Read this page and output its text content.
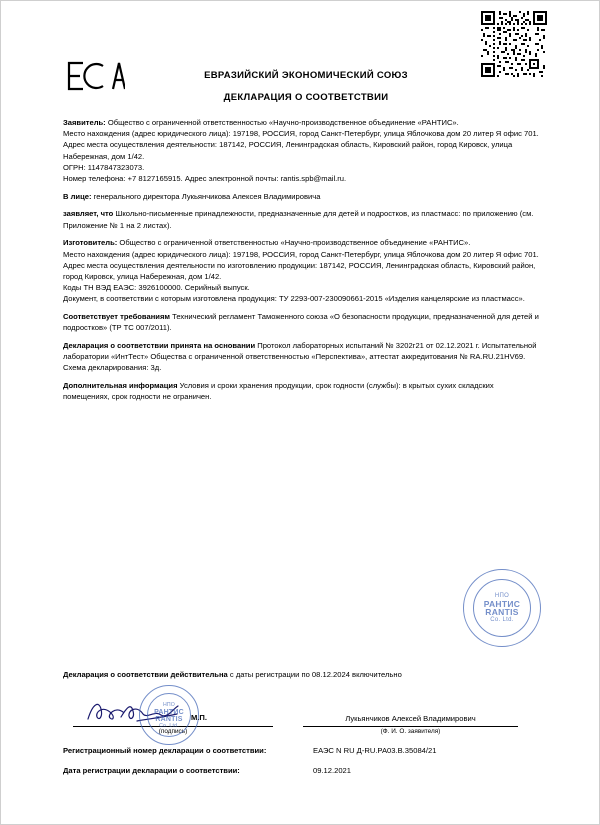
ЕВРАЗИЙСКИЙ ЭКОНОМИЧЕСКИЙ СОЮЗ
ДЕКЛАРАЦИЯ О СООТВЕТСТВИИ
Заявитель: Общество с ограниченной ответственностью «Научно-производственное объединение «РАНТИС».
Место нахождения (адрес юридического лица): 197198, РОССИЯ, город Санкт-Петербург, улица Яблочкова дом 20 литер Я офис 701.
Адрес места осуществления деятельности: 187142, РОССИЯ, Ленинградская область, Кировский район, город Кировск, улица Набережная, дом 1/42.
ОГРН: 1147847323073.
Номер телефона: +7 8127165915. Адрес электронной почты: rantis.spb@mail.ru.
В лице: генерального директора Лукьянчикова Алексея Владимировича
заявляет, что Школьно-письменные принадлежности, предназначенные для детей и подростков, из пластмасс: по приложению (см. Приложение № 1 на 2 листах).
Изготовитель: Общество с ограниченной ответственностью «Научно-производственное объединение «РАНТИС».
Место нахождения (адрес юридического лица): 197198, РОССИЯ, город Санкт-Петербург, улица Яблочкова дом 20 литер Я офис 701.
Адрес места осуществления деятельности по изготовлению продукции: 187142, РОССИЯ, Ленинградская область, Кировский район, город Кировск, улица Набережная, дом 1/42.
Коды ТН ВЭД ЕАЭС: 3926100000. Серийный выпуск.
Документ, в соответствии с которым изготовлена продукция: ТУ 2293-007-230090661-2015 «Изделия канцелярские из пластмасс».
Соответствует требованиям Технический регламент Таможенного союза «О безопасности продукции, предназначенной для детей и подростков» (ТР ТС 007/2011).
Декларация о соответствии принята на основании Протокол лабораторных испытаний № 3202г21 от 02.12.2021 г. Испытательной лаборатории «ИнтТест» Общества с ограниченной ответственностью «Перспектива», аттестат аккредитования № RA.RU.21HV69. Схема декларирования: 3д.
Дополнительная информация Условия и сроки хранения продукции, срок годности (службы): в крытых сухих складских помещениях, срок годности не ограничен.
НПО
РАНТИС
RANTIS
Co. Ltd.
Декларация о соответствии действительна с даты регистрации по 08.12.2024 включительно
М.П.
(подпись)
Лукьянчиков Алексей Владимирович
(Ф. И. О. заявителя)
НПО
РАНТИС
RANTIS
Co. Ltd.
Регистрационный номер декларации о соответствии:	ЕАЭС N RU Д-RU.РА03.В.35084/21
Дата регистрации декларации о соответствии:	09.12.2021
